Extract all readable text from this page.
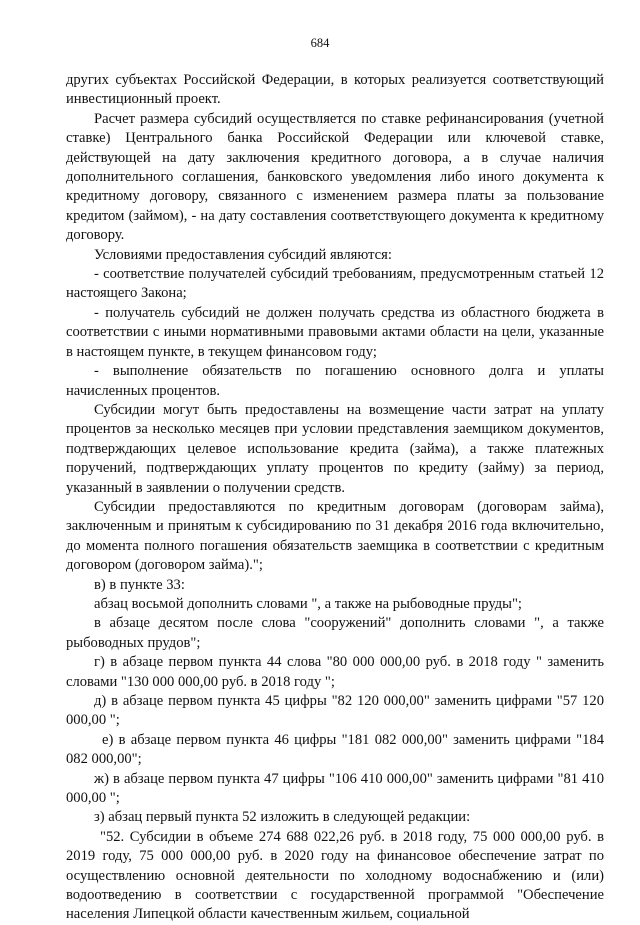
684

других субъектах Российской Федерации, в которых реализуется соответствующий инвестиционный проект.

Расчет размера субсидий осуществляется по ставке рефинансирования (учетной ставке) Центрального банка Российской Федерации или ключевой ставке, действующей на дату заключения кредитного договора, а в случае наличия дополнительного соглашения, банковского уведомления либо иного документа к кредитному договору, связанного с изменением размера платы за пользование кредитом (займом), - на дату составления соответствующего документа к кредитному договору.

Условиями предоставления субсидий являются:

- соответствие получателей субсидий требованиям, предусмотренным статьей 12 настоящего Закона;

- получатель субсидий не должен получать средства из областного бюджета в соответствии с иными нормативными правовыми актами области на цели, указанные в настоящем пункте, в текущем финансовом году;

- выполнение обязательств по погашению основного долга и уплаты начисленных процентов.

Субсидии могут быть предоставлены на возмещение части затрат на уплату процентов за несколько месяцев при условии представления заемщиком документов, подтверждающих целевое использование кредита (займа), а также платежных поручений, подтверждающих уплату процентов по кредиту (займу) за период, указанный в заявлении о получении средств.

Субсидии предоставляются по кредитным договорам (договорам займа), заключенным и принятым к субсидированию по 31 декабря 2016 года включительно, до момента полного погашения обязательств заемщика в соответствии с кредитным договором (договором займа).";

в) в пункте 33:

абзац восьмой дополнить словами ", а также на рыбоводные пруды";

в абзаце десятом после слова "сооружений" дополнить словами ", а также рыбоводных прудов";

г) в абзаце первом пункта 44 слова "80 000 000,00 руб. в 2018 году " заменить словами "130 000 000,00 руб. в 2018 году ";

д) в абзаце первом пункта 45 цифры "82 120 000,00" заменить цифрами "57 120 000,00 ";

е) в абзаце первом пункта 46 цифры "181 082 000,00" заменить цифрами "184 082 000,00";

ж) в абзаце первом пункта 47 цифры "106 410 000,00" заменить цифрами "81 410 000,00 ";

з) абзац первый пункта 52 изложить в следующей редакции:

"52. Субсидии в объеме 274 688 022,26 руб. в 2018 году, 75 000 000,00 руб. в 2019 году, 75 000 000,00 руб. в 2020 году на финансовое обеспечение затрат по осуществлению основной деятельности по холодному водоснабжению и (или) водоотведению в соответствии с государственной программой "Обеспечение населения Липецкой области качественным жильем, социальной
